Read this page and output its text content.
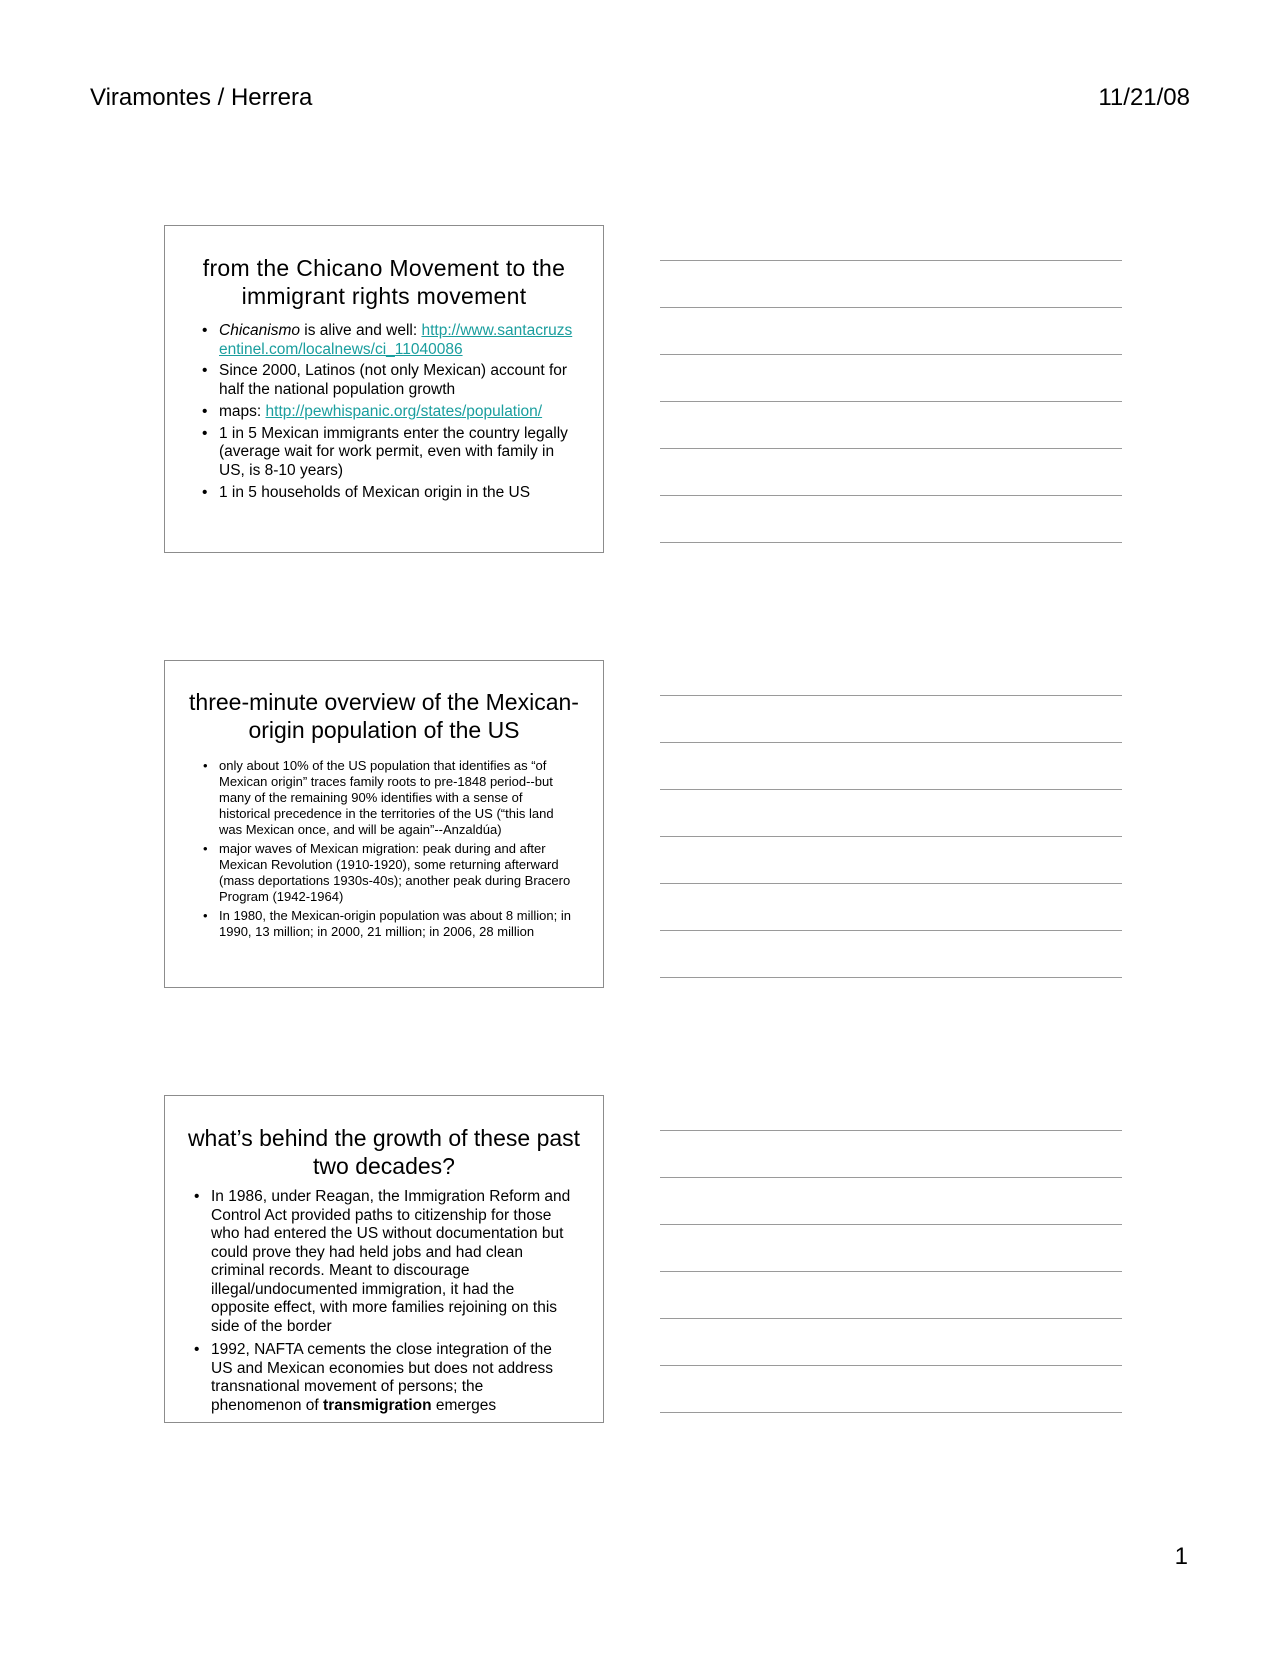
Viramontes / Herrera	11/21/08
from the Chicano Movement to the immigrant rights movement
• Chicanismo is alive and well: http://www.santacruzsentinel.com/localnews/ci_11040086
• Since 2000, Latinos (not only Mexican) account for half the national population growth
• maps: http://pewhispanic.org/states/population/
• 1 in 5 Mexican immigrants enter the country legally (average wait for work permit, even with family in US, is 8-10 years)
• 1 in 5 households of Mexican origin in the US
three-minute overview of the Mexican-origin population of the US
• only about 10% of the US population that identifies as “of Mexican origin” traces family roots to pre-1848 period--but many of the remaining 90% identifies with a sense of historical precedence in the territories of the US (“this land was Mexican once, and will be again”--Anzaldúa)
• major waves of Mexican migration: peak during and after Mexican Revolution (1910-1920), some returning afterward (mass deportations 1930s-40s); another peak during Bracero Program (1942-1964)
• In 1980, the Mexican-origin population was about 8 million; in 1990, 13 million; in 2000, 21 million; in 2006, 28 million
what’s behind the growth of these past two decades?
• In 1986, under Reagan, the Immigration Reform and Control Act provided paths to citizenship for those who had entered the US without documentation but could prove they had held jobs and had clean criminal records. Meant to discourage illegal/undocumented immigration, it had the opposite effect, with more families rejoining on this side of the border
• 1992, NAFTA cements the close integration of the US and Mexican economies but does not address transnational movement of persons; the phenomenon of transmigration emerges
1
